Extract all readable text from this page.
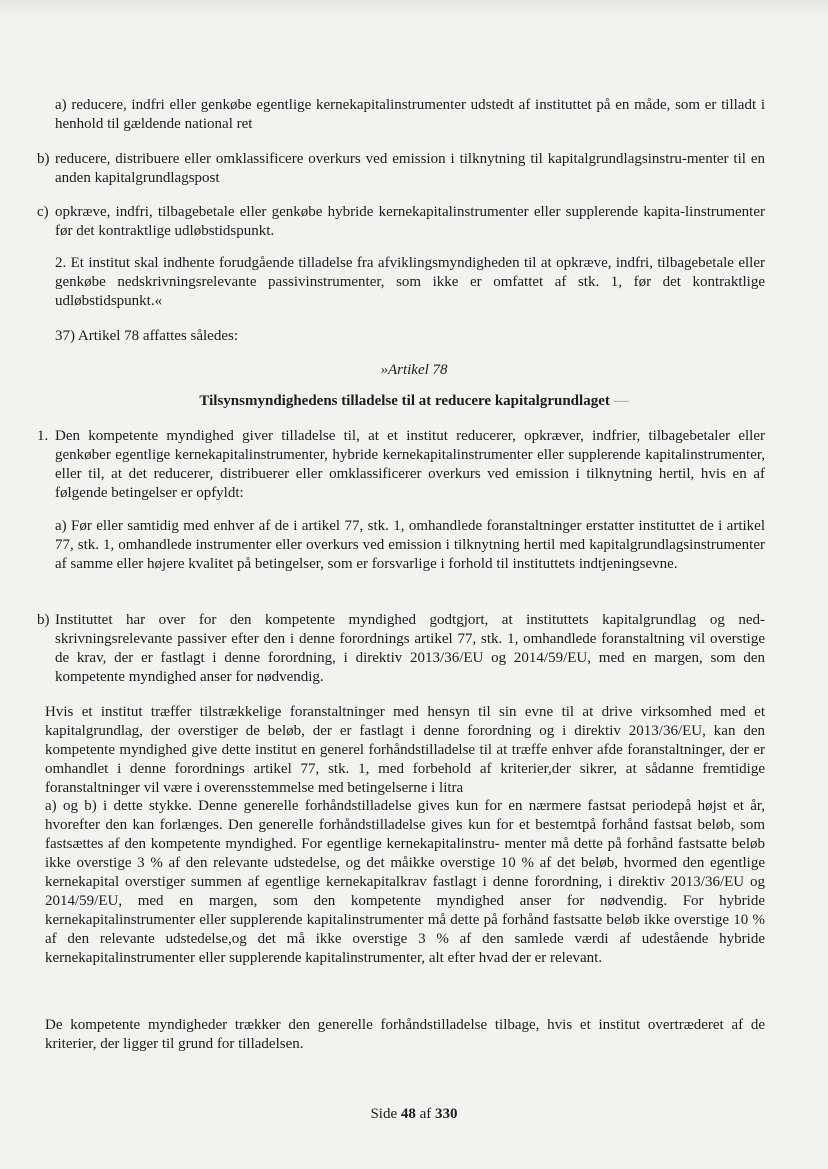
a) reducere, indfri eller genkøbe egentlige kernekapitalinstrumenter udstedt af instituttet på en måde, som er tilladt i henhold til gældende national ret

b) reducere, distribuere eller omklassificere overkurs ved emission i tilknytning til kapitalgrundlagsinstru-menter til en anden kapitalgrundlagspost

c) opkræve, indfri, tilbagebetale eller genkøbe hybride kernekapitalinstrumenter eller supplerende kapita-linstrumenter før det kontraktlige udløbstidspunkt.

2. Et institut skal indhente forudgående tilladelse fra afviklingsmyndigheden til at opkræve, indfri, tilbagebetale eller genkøbe nedskrivningsrelevante passivinstrumenter, som ikke er omfattet af stk. 1, før det kontraktlige udløbstidspunkt.«

37) Artikel 78 affattes således:

»Artikel 78
Tilsynsmyndighedens tilladelse til at reducere kapitalgrundlaget —
1. Den kompetente myndighed giver tilladelse til, at et institut reducerer, opkræver, indfrier, tilbagebetaler eller genkøber egentlige kernekapitalinstrumenter, hybride kernekapitalinstrumenter eller supplerende kapitalinstrumenter, eller til, at det reducerer, distribuerer eller omklassificerer overkurs ved emission i tilknytning hertil, hvis en af følgende betingelser er opfyldt:

a) Før eller samtidig med enhver af de i artikel 77, stk. 1, omhandlede foranstaltninger erstatter instituttet de i artikel 77, stk. 1, omhandlede instrumenter eller overkurs ved emission i tilknytning hertil med kapitalgrundlagsinstrumenter af samme eller højere kvalitet på betingelser, som er forsvarlige i forhold til instituttets indtjeningsevne.

b) Instituttet har over for den kompetente myndighed godtgjort, at instituttets kapitalgrundlag og ned-skrivningsrelevante passiver efter den i denne forordnings artikel 77, stk. 1, omhandlede foranstaltning vil overstige de krav, der er fastlagt i denne forordning, i direktiv 2013/36/EU og 2014/59/EU, med en margen, som den kompetente myndighed anser for nødvendig.

Hvis et institut træffer tilstrækkelige foranstaltninger med hensyn til sin evne til at drive virksomhed med et kapitalgrundlag, der overstiger de beløb, der er fastlagt i denne forordning og i direktiv 2013/36/EU, kan den kompetente myndighed give dette institut en generel forhåndstilladelse til at træffe enhver afde foranstaltninger, der er omhandlet i denne forordnings artikel 77, stk. 1, med forbehold af kriterier,der sikrer, at sådanne fremtidige foranstaltninger vil være i overensstemmelse med betingelserne i litra

a) og b) i dette stykke. Denne generelle forhåndstilladelse gives kun for en nærmere fastsat periodepå højst et år, hvorefter den kan forlænges. Den generelle forhåndstilladelse gives kun for et bestemtpå forhånd fastsat beløb, som fastsættes af den kompetente myndighed. For egentlige kernekapitalinstru- menter må dette på forhånd fastsatte beløb ikke overstige 3 % af den relevante udstedelse, og det måikke overstige 10 % af det beløb, hvormed den egentlige kernekapital overstiger summen af egentlige kernekapitalkrav fastlagt i denne forordning, i direktiv 2013/36/EU og 2014/59/EU, med en margen, som den kompetente myndighed anser for nødvendig. For hybride kernekapitalinstrumenter eller supplerende kapitalinstrumenter må dette på forhånd fastsatte beløb ikke overstige 10 % af den relevante udstedelse,og det må ikke overstige 3 % af den samlede værdi af udestående hybride kernekapitalinstrumenter eller supplerende kapitalinstrumenter, alt efter hvad der er relevant.

De kompetente myndigheder trækker den generelle forhåndstilladelse tilbage, hvis et institut overtræderet af de kriterier, der ligger til grund for tilladelsen.

Side 48 af 330
